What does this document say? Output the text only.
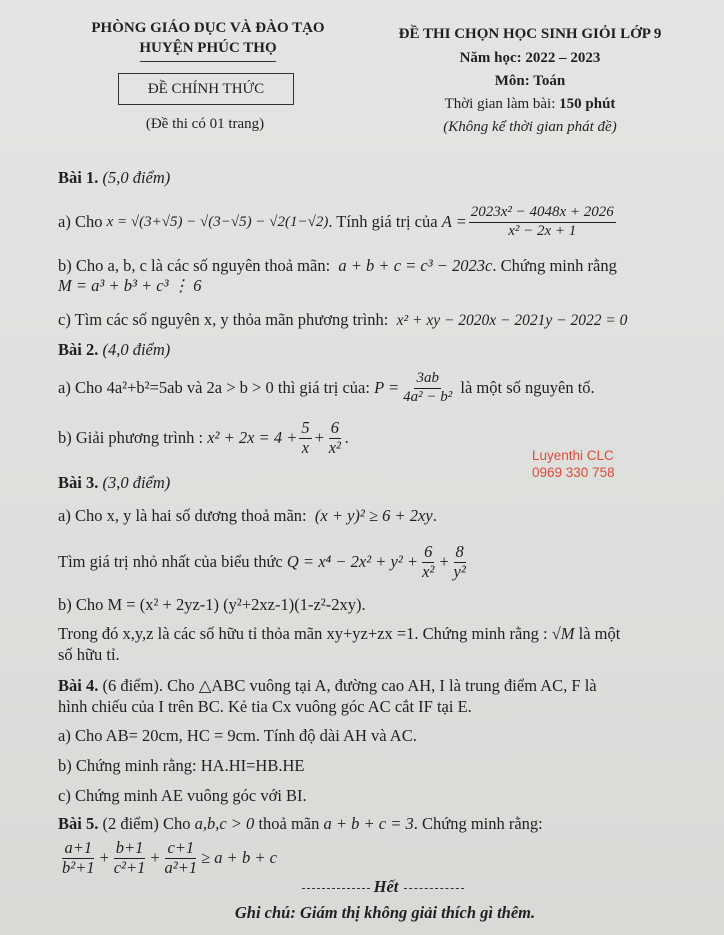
PHÒNG GIÁO DỤC VÀ ĐÀO TẠO
HUYỆN PHÚC THỌ
ĐỀ CHÍNH THỨC
(Đề thi có 01 trang)
ĐỀ THI CHỌN HỌC SINH GIỎI LỚP 9
Năm học: 2022 – 2023
Môn: Toán
Thời gian làm bài: 150 phút
(Không kể thời gian phát đề)
Bài 1. (5,0 điểm)
a) Cho
x = √(3+√5) − √(3−√5) − √2(1−√2) . Tính giá trị của
$A = \frac{\text{2023x² − 4048x + 2026}}{\text{x² − 2x + 1}}$
b) Cho a, b, c là các số nguyên thoả mãn: a + b + c = c³ − 2023c. Chứng minh rằng
M = a³ + b³ + c³ ⋮ 6
c) Tìm các số nguyên x, y thỏa mãn phương trình: x² + xy − 2020x − 2021y − 2022 = 0
Bài 2. (4,0 điểm)
a) Cho 4a²+b²=5ab và 2a > b > 0 thì giá trị của:
$P = \frac{3ab}{\text{4a² − b²}}$
là một số nguyên tố.
b) Giải phương trình :
$x^2 + 2x = 4 + \frac{5}{x} + \frac{6}{\text{x²}}$ .
Luyenthi CLC
0969 330 758
Bài 3. (3,0 điểm)
a) Cho x, y là hai số dương thoả mãn: (x + y)² ≥ 6 + 2xy.
Tìm giá trị nhỏ nhất của biểu thức
$Q = x^4 - 2x^2 + y^2 + \frac{6}{\text{x²}} + \frac{8}{\text{y²}}$
b) Cho M = (x² + 2yz-1) (y²+2xz-1)(1-z²-2xy).
Trong đó x,y,z là các số hữu tỉ thỏa mãn xy+yz+zx =1. Chứng minh rằng : √M là một
số hữu tỉ.
Bài 4. (6 điểm). Cho △ABC vuông tại A, đường cao AH, I là trung điểm AC, F là
hình chiếu của I trên BC. Kẻ tia Cx vuông góc AC cắt IF tại E.
a) Cho AB= 20cm, HC = 9cm. Tính độ dài AH và AC.
b) Chứng minh rằng: HA.HI=HB.HE
c) Chứng minh AE vuông góc với BI.
Bài 5. (2 điểm) Cho a,b,c > 0 thoả mãn a + b + c = 3. Chứng minh rằng:
$\frac{a+1}{\text{b²+1}} + \frac{b+1}{\text{c²+1}} + \frac{c+1}{\text{a²+1}} \ge a + b + c$
Hết
Ghi chú: Giám thị không giải thích gì thêm.
